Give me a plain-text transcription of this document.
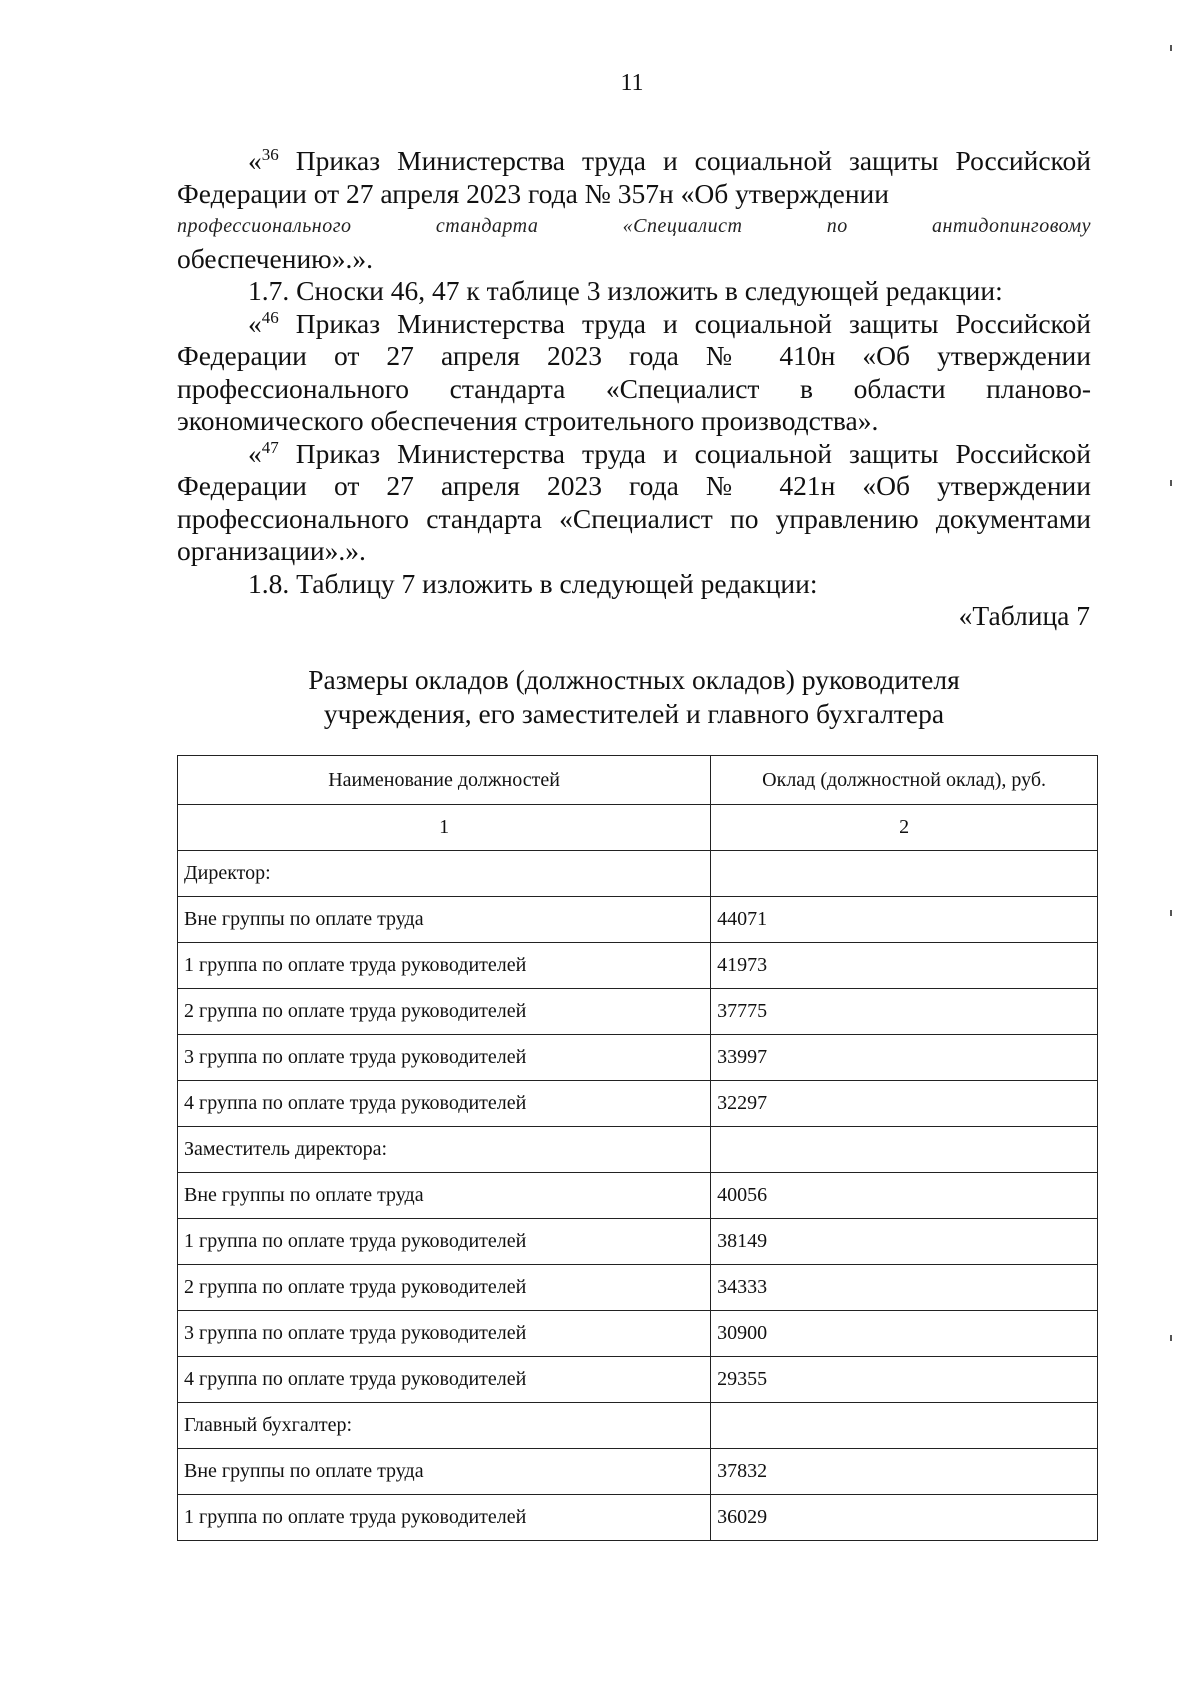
11

«$^{36}$ Приказ Министерства труда и социальной защиты Российской Федерации от 27 апреля 2023 года № 357н «Об утверждении

профессионального стандарта «Специалист по антидопинговому

обеспечению».».

1.7. Сноски 46, 47 к таблице 3 изложить в следующей редакции:

«$^{46}$ Приказ Министерства труда и социальной защиты Российской Федерации от 27 апреля 2023 года № 410н «Об утверждении профессионального стандарта «Специалист в области планово-экономического обеспечения строительного производства».

«$^{47}$ Приказ Министерства труда и социальной защиты Российской Федерации от 27 апреля 2023 года № 421н «Об утверждении профессионального стандарта «Специалист по управлению документами организации».».

1.8. Таблицу 7 изложить в следующей редакции:

«Таблица 7
Размеры окладов (должностных окладов) руководителя
учреждения, его заместителей и главного бухгалтера
Наименование должностей	Оклад (должностной оклад), руб.
1	2
Директор:	
Вне группы по оплате труда	44071
1 группа по оплате труда руководителей	41973
2 группа по оплате труда руководителей	37775
3 группа по оплате труда руководителей	33997
4 группа по оплате труда руководителей	32297
Заместитель директора:	
Вне группы по оплате труда	40056
1 группа по оплате труда руководителей	38149
2 группа по оплате труда руководителей	34333
3 группа по оплате труда руководителей	30900
4 группа по оплате труда руководителей	29355
Главный бухгалтер:	
Вне группы по оплате труда	37832
1 группа по оплате труда руководителей	36029
